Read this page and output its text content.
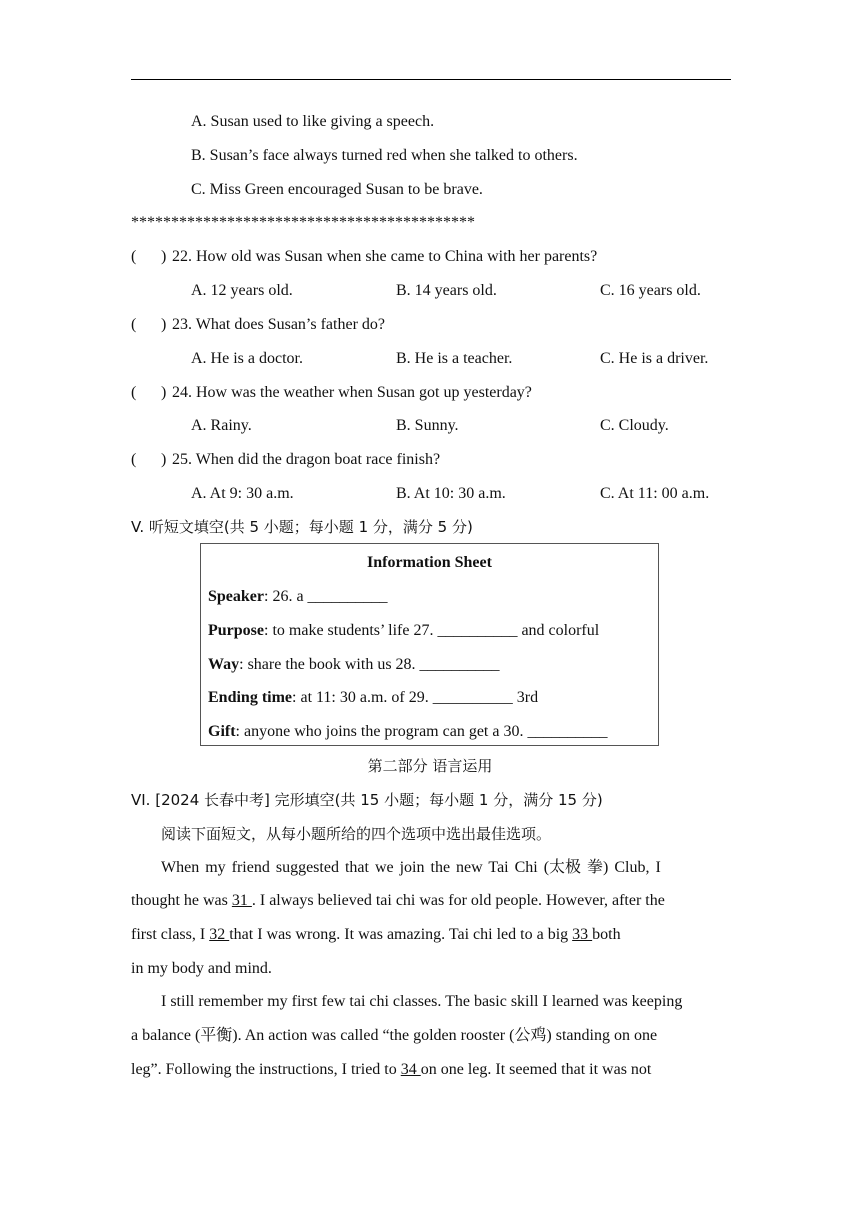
A. Susan used to like giving a speech.
B. Susan’s face always turned red when she talked to others.
C. Miss Green encouraged Susan to be brave.
*******************************************
( ) 22. How old was Susan when she came to China with her parents?
A. 12 years old.	B. 14 years old.	C. 16 years old.
( ) 23. What does Susan’s father do?
A. He is a doctor.	B. He is a teacher.	C. He is a driver.
( ) 24. How was the weather when Susan got up yesterday?
A. Rainy.	B. Sunny.	C. Cloudy.
( ) 25. When did the dragon boat race finish?
A. At 9: 30 a.m.	B. At 10: 30 a.m.	C. At 11: 00 a.m.
V. 听短文填空(共 5 小题；每小题 1 分，满分 5 分)
Information Sheet
Speaker: 26. a __________
Purpose: to make students’ life 27. __________ and colorful
Way: share the book with us 28. __________
Ending time: at 11: 30 a.m. of 29. __________ 3rd
Gift: anyone who joins the program can get a 30. __________
第二部分 语言运用
VI. [2024 长春中考] 完形填空(共 15 小题；每小题 1 分，满分 15 分)
阅读下面短文，从每小题所给的四个选项中选出最佳选项。
When my friend suggested that we join the new Tai Chi (太极 拳) Club, I
thought he was 31 . I always believed tai chi was for old people. However, after the
first class, I 32 that I was wrong. It was amazing. Tai chi led to a big 33 both
in my body and mind.
I still remember my first few tai chi classes. The basic skill I learned was keeping
a balance (平衡). An action was called “the golden rooster (公鸡) standing on one
leg”. Following the instructions, I tried to 34 on one leg. It seemed that it was not
